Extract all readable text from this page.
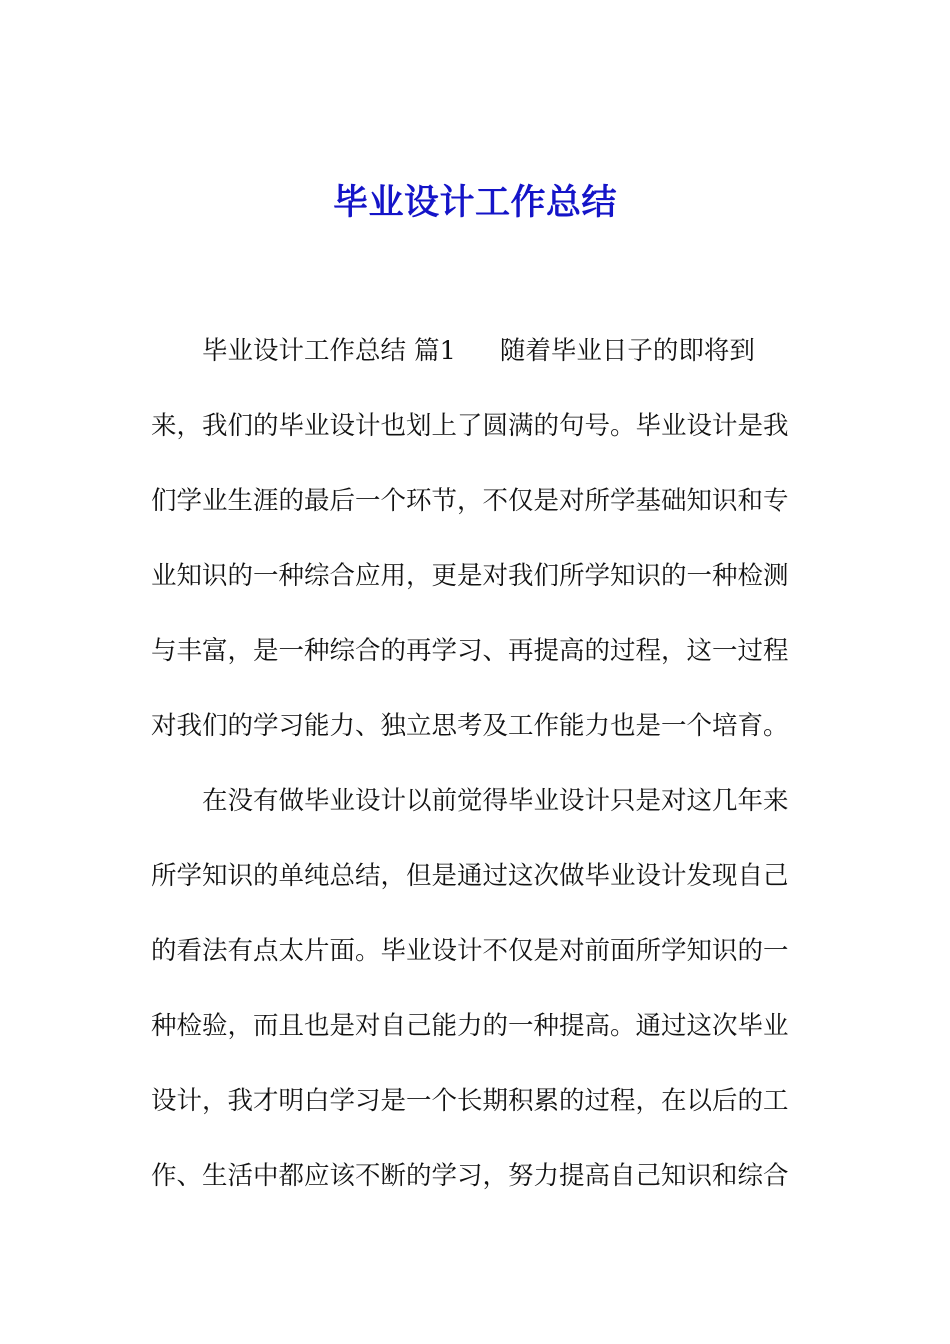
毕业设计工作总结
毕业设计工作总结 篇1 随着毕业日子的即将到
来，我们的毕业设计也划上了圆满的句号。毕业设计是我
们学业生涯的最后一个环节，不仅是对所学基础知识和专
业知识的一种综合应用，更是对我们所学知识的一种检测
与丰富，是一种综合的再学习、再提高的过程，这一过程
对我们的学习能力、独立思考及工作能力也是一个培育。
在没有做毕业设计以前觉得毕业设计只是对这几年来
所学知识的单纯总结，但是通过这次做毕业设计发现自己
的看法有点太片面。毕业设计不仅是对前面所学知识的一
种检验，而且也是对自己能力的一种提高。通过这次毕业
设计，我才明白学习是一个长期积累的过程，在以后的工
作、生活中都应该不断的学习，努力提高自己知识和综合
